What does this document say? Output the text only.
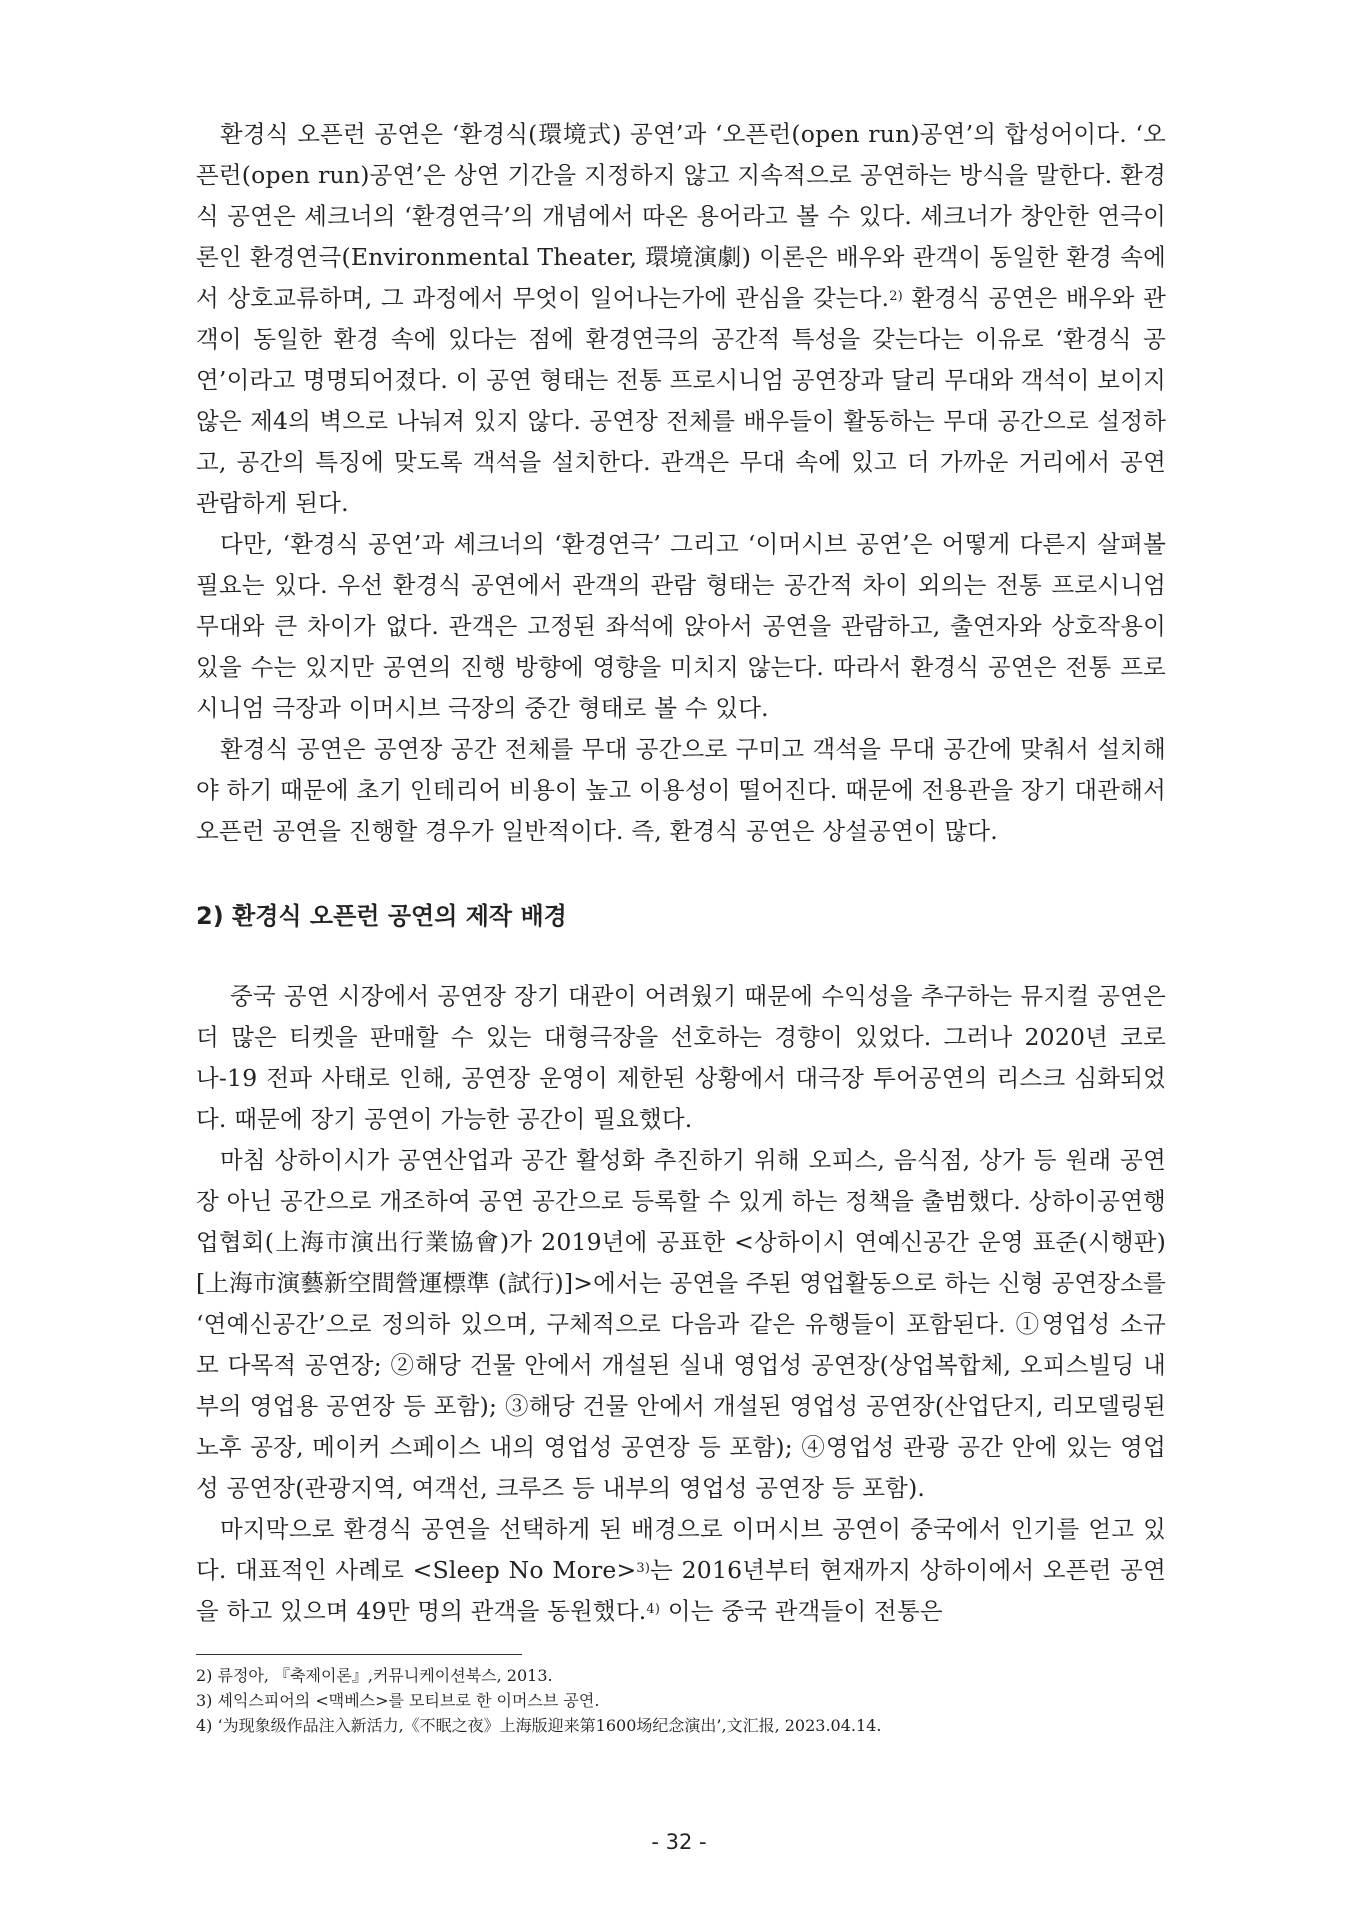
환경식 오픈런 공연은 ‘환경식(環境式) 공연’과 ‘오픈런(open run)공연’의 합성어이다. ‘오픈런(open run)공연’은 상연 기간을 지정하지 않고 지속적으로 공연하는 방식을 말한다. 환경식 공연은 셰크너의 ‘환경연극’의 개념에서 따온 용어라고 볼 수 있다. 셰크너가 창안한 연극이론인 환경연극(Environmental Theater, 環境演劇) 이론은 배우와 관객이 동일한 환경 속에서 상호교류하며, 그 과정에서 무엇이 일어나는가에 관심을 갖는다.$^{2)}$ 환경식 공연은 배우와 관객이 동일한 환경 속에 있다는 점에 환경연극의 공간적 특성을 갖는다는 이유로 ‘환경식 공연’이라고 명명되어졌다. 이 공연 형태는 전통 프로시니엄 공연장과 달리 무대와 객석이 보이지 않은 제4의 벽으로 나눠져 있지 않다. 공연장 전체를 배우들이 활동하는 무대 공간으로 설정하고, 공간의 특징에 맞도록 객석을 설치한다. 관객은 무대 속에 있고 더 가까운 거리에서 공연 관람하게 된다.

다만, ‘환경식 공연’과 셰크너의 ‘환경연극’ 그리고 ‘이머시브 공연’은 어떻게 다른지 살펴볼 필요는 있다. 우선 환경식 공연에서 관객의 관람 형태는 공간적 차이 외의는 전통 프로시니엄 무대와 큰 차이가 없다. 관객은 고정된 좌석에 앉아서 공연을 관람하고, 출연자와 상호작용이 있을 수는 있지만 공연의 진행 방향에 영향을 미치지 않는다. 따라서 환경식 공연은 전통 프로시니엄 극장과 이머시브 극장의 중간 형태로 볼 수 있다.

환경식 공연은 공연장 공간 전체를 무대 공간으로 구미고 객석을 무대 공간에 맞춰서 설치해야 하기 때문에 초기 인테리어 비용이 높고 이용성이 떨어진다. 때문에 전용관을 장기 대관해서 오픈런 공연을 진행할 경우가 일반적이다. 즉, 환경식 공연은 상설공연이 많다.

2) 환경식 오픈런 공연의 제작 배경

중국 공연 시장에서 공연장 장기 대관이 어려웠기 때문에 수익성을 추구하는 뮤지컬 공연은 더 많은 티켓을 판매할 수 있는 대형극장을 선호하는 경향이 있었다. 그러나 2020년 코로나-19 전파 사태로 인해, 공연장 운영이 제한된 상황에서 대극장 투어공연의 리스크 심화되었다. 때문에 장기 공연이 가능한 공간이 필요했다.

마침 상하이시가 공연산업과 공간 활성화 추진하기 위해 오피스, 음식점, 상가 등 원래 공연장 아닌 공간으로 개조하여 공연 공간으로 등록할 수 있게 하는 정책을 출범했다. 상하이공연행업협회(上海市演出行業協會)가 2019년에 공표한 <상하이시 연예신공간 운영 표준(시행판)[上海市演藝新空間營運標準 (試行)]>에서는 공연을 주된 영업활동으로 하는 신형 공연장소를 ‘연예신공간’으로 정의하 있으며, 구체적으로 다음과 같은 유행들이 포함된다. ①영업성 소규모 다목적 공연장; ②해당 건물 안에서 개설된 실내 영업성 공연장(상업복합체, 오피스빌딩 내부의 영업용 공연장 등 포함); ③해당 건물 안에서 개설된 영업성 공연장(산업단지, 리모델링된 노후 공장, 메이커 스페이스 내의 영업성 공연장 등 포함); ④영업성 관광 공간 안에 있는 영업성 공연장(관광지역, 여객선, 크루즈 등 내부의 영업성 공연장 등 포함).

마지막으로 환경식 공연을 선택하게 된 배경으로 이머시브 공연이 중국에서 인기를 얻고 있다. 대표적인 사례로 <Sleep No More>$^{3)}$는 2016년부터 현재까지 상하이에서 오픈런 공연을 하고 있으며 49만 명의 관객을 동원했다.$^{4)}$ 이는 중국 관객들이 전통은

2) 류정아, 『축제이론』,커뮤니케이션북스, 2013.
3) 셰익스피어의 <맥베스>를 모티브로 한 이머스브 공연.
4) ‘为现象级作品注入新活力,《不眠之夜》上海版迎来第1600场纪念演出’,文汇报, 2023.04.14.
- 32 -
